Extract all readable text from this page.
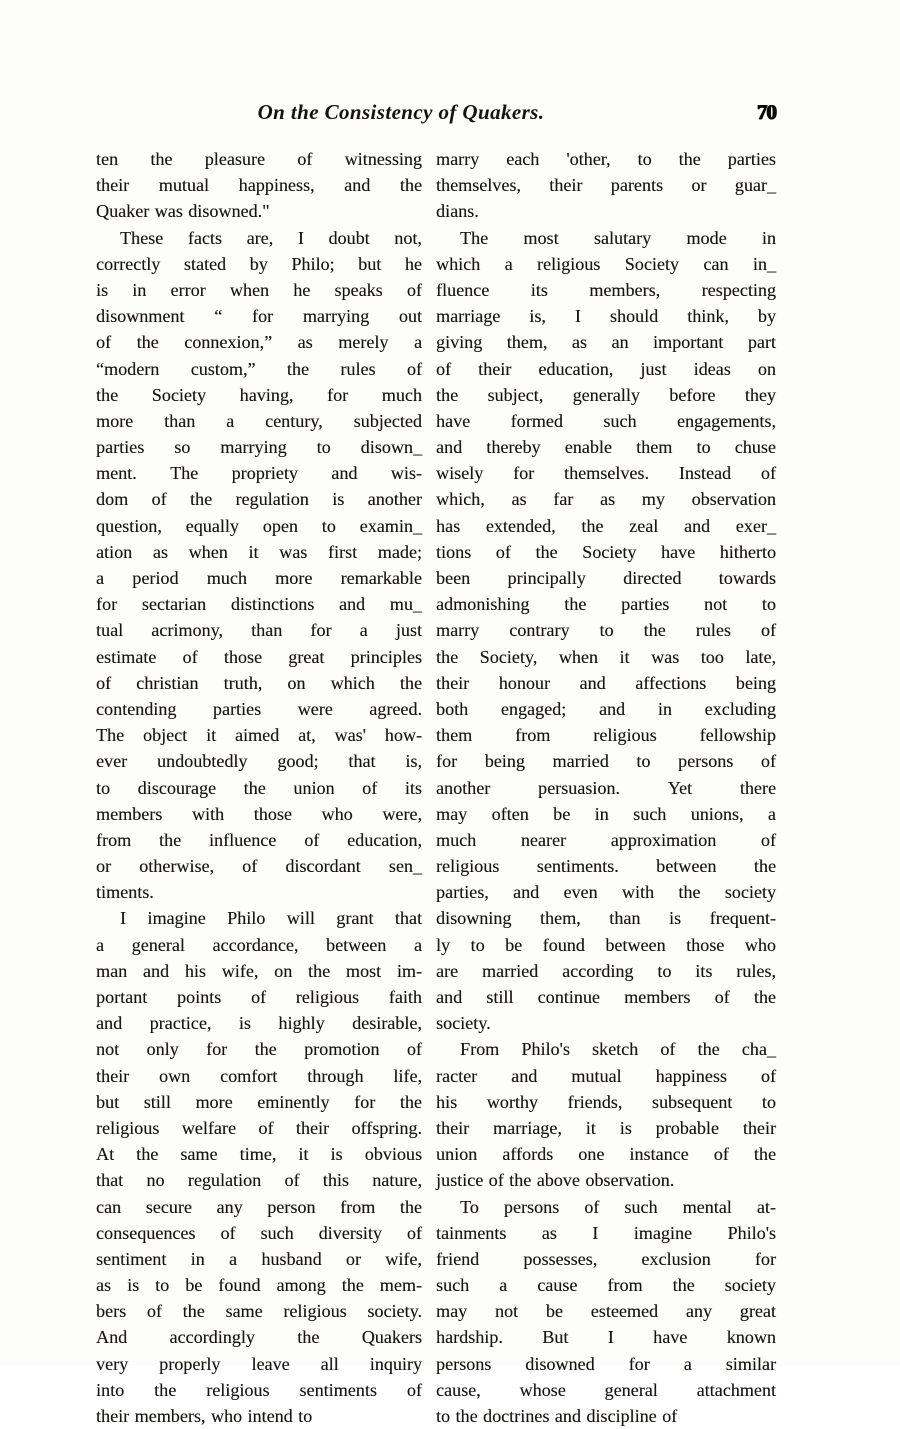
On the Consistency of Quakers.	70
ten the pleasure of witnessing
their mutual happiness, and the
Quaker was disowned."
These facts are, I doubt not,
correctly stated by Philo; but he
is in error when he speaks of
disownment “ for marrying out
of the connexion,” as merely a
“modern custom,” the rules of
the Society having, for much
more than a century, subjected
parties so marrying to disown_
ment. The propriety and wis-
dom of the regulation is another
question, equally open to examin_
ation as when it was first made;
a period much more remarkable
for sectarian distinctions and mu_
tual acrimony, than for a just
estimate of those great principles
of christian truth, on which the
contending parties were agreed.
The object it aimed at, was' how-
ever undoubtedly good; that is,
to discourage the union of its
members with those who were,
from the influence of education,
or otherwise, of discordant sen_
timents.
I imagine Philo will grant that
a general accordance, between a
man and his wife, on the most im-
portant points of religious faith
and practice, is highly desirable,
not only for the promotion of
their own comfort through life,
but still more eminently for the
religious welfare of their offspring.
At the same time, it is obvious
that no regulation of this nature,
can secure any person from the
consequences of such diversity of
sentiment in a husband or wife,
as is to be found among the mem-
bers of the same religious society.
And accordingly the Quakers
very properly leave all inquiry
into the religious sentiments of
their members, who intend to
marry each 'other, to the parties
themselves, their parents or guar_
dians.
The most salutary mode in
which a religious Society can in_
fluence its members, respecting
marriage is, I should think, by
giving them, as an important part
of their education, just ideas on
the subject, generally before they
have formed such engagements,
and thereby enable them to chuse
wisely for themselves. Instead of
which, as far as my observation
has extended, the zeal and exer_
tions of the Society have hitherto
been principally directed towards
admonishing the parties not to
marry contrary to the rules of
the Society, when it was too late,
their honour and affections being
both engaged; and in excluding
them from religious fellowship
for being married to persons of
another	persuasion.	Yet	there
may often be in such unions, a
much nearer approximation of
religious sentiments. between the
parties, and even with the society
disowning them, than is frequent-
ly to be found between those who
are married according to its rules,
and still continue members of the
society.
From Philo's sketch of the cha_
racter and mutual happiness of
his worthy friends, subsequent to
their marriage, it is probable their
union affords one instance of the
justice of the above observation.
To persons of such mental at-
tainments as I imagine Philo's
friend possesses, exclusion for
such a cause from the society
may not be esteemed any great
hardship. But I have known
persons disowned for a similar
cause, whose general attachment
to the doctrines and discipline of
